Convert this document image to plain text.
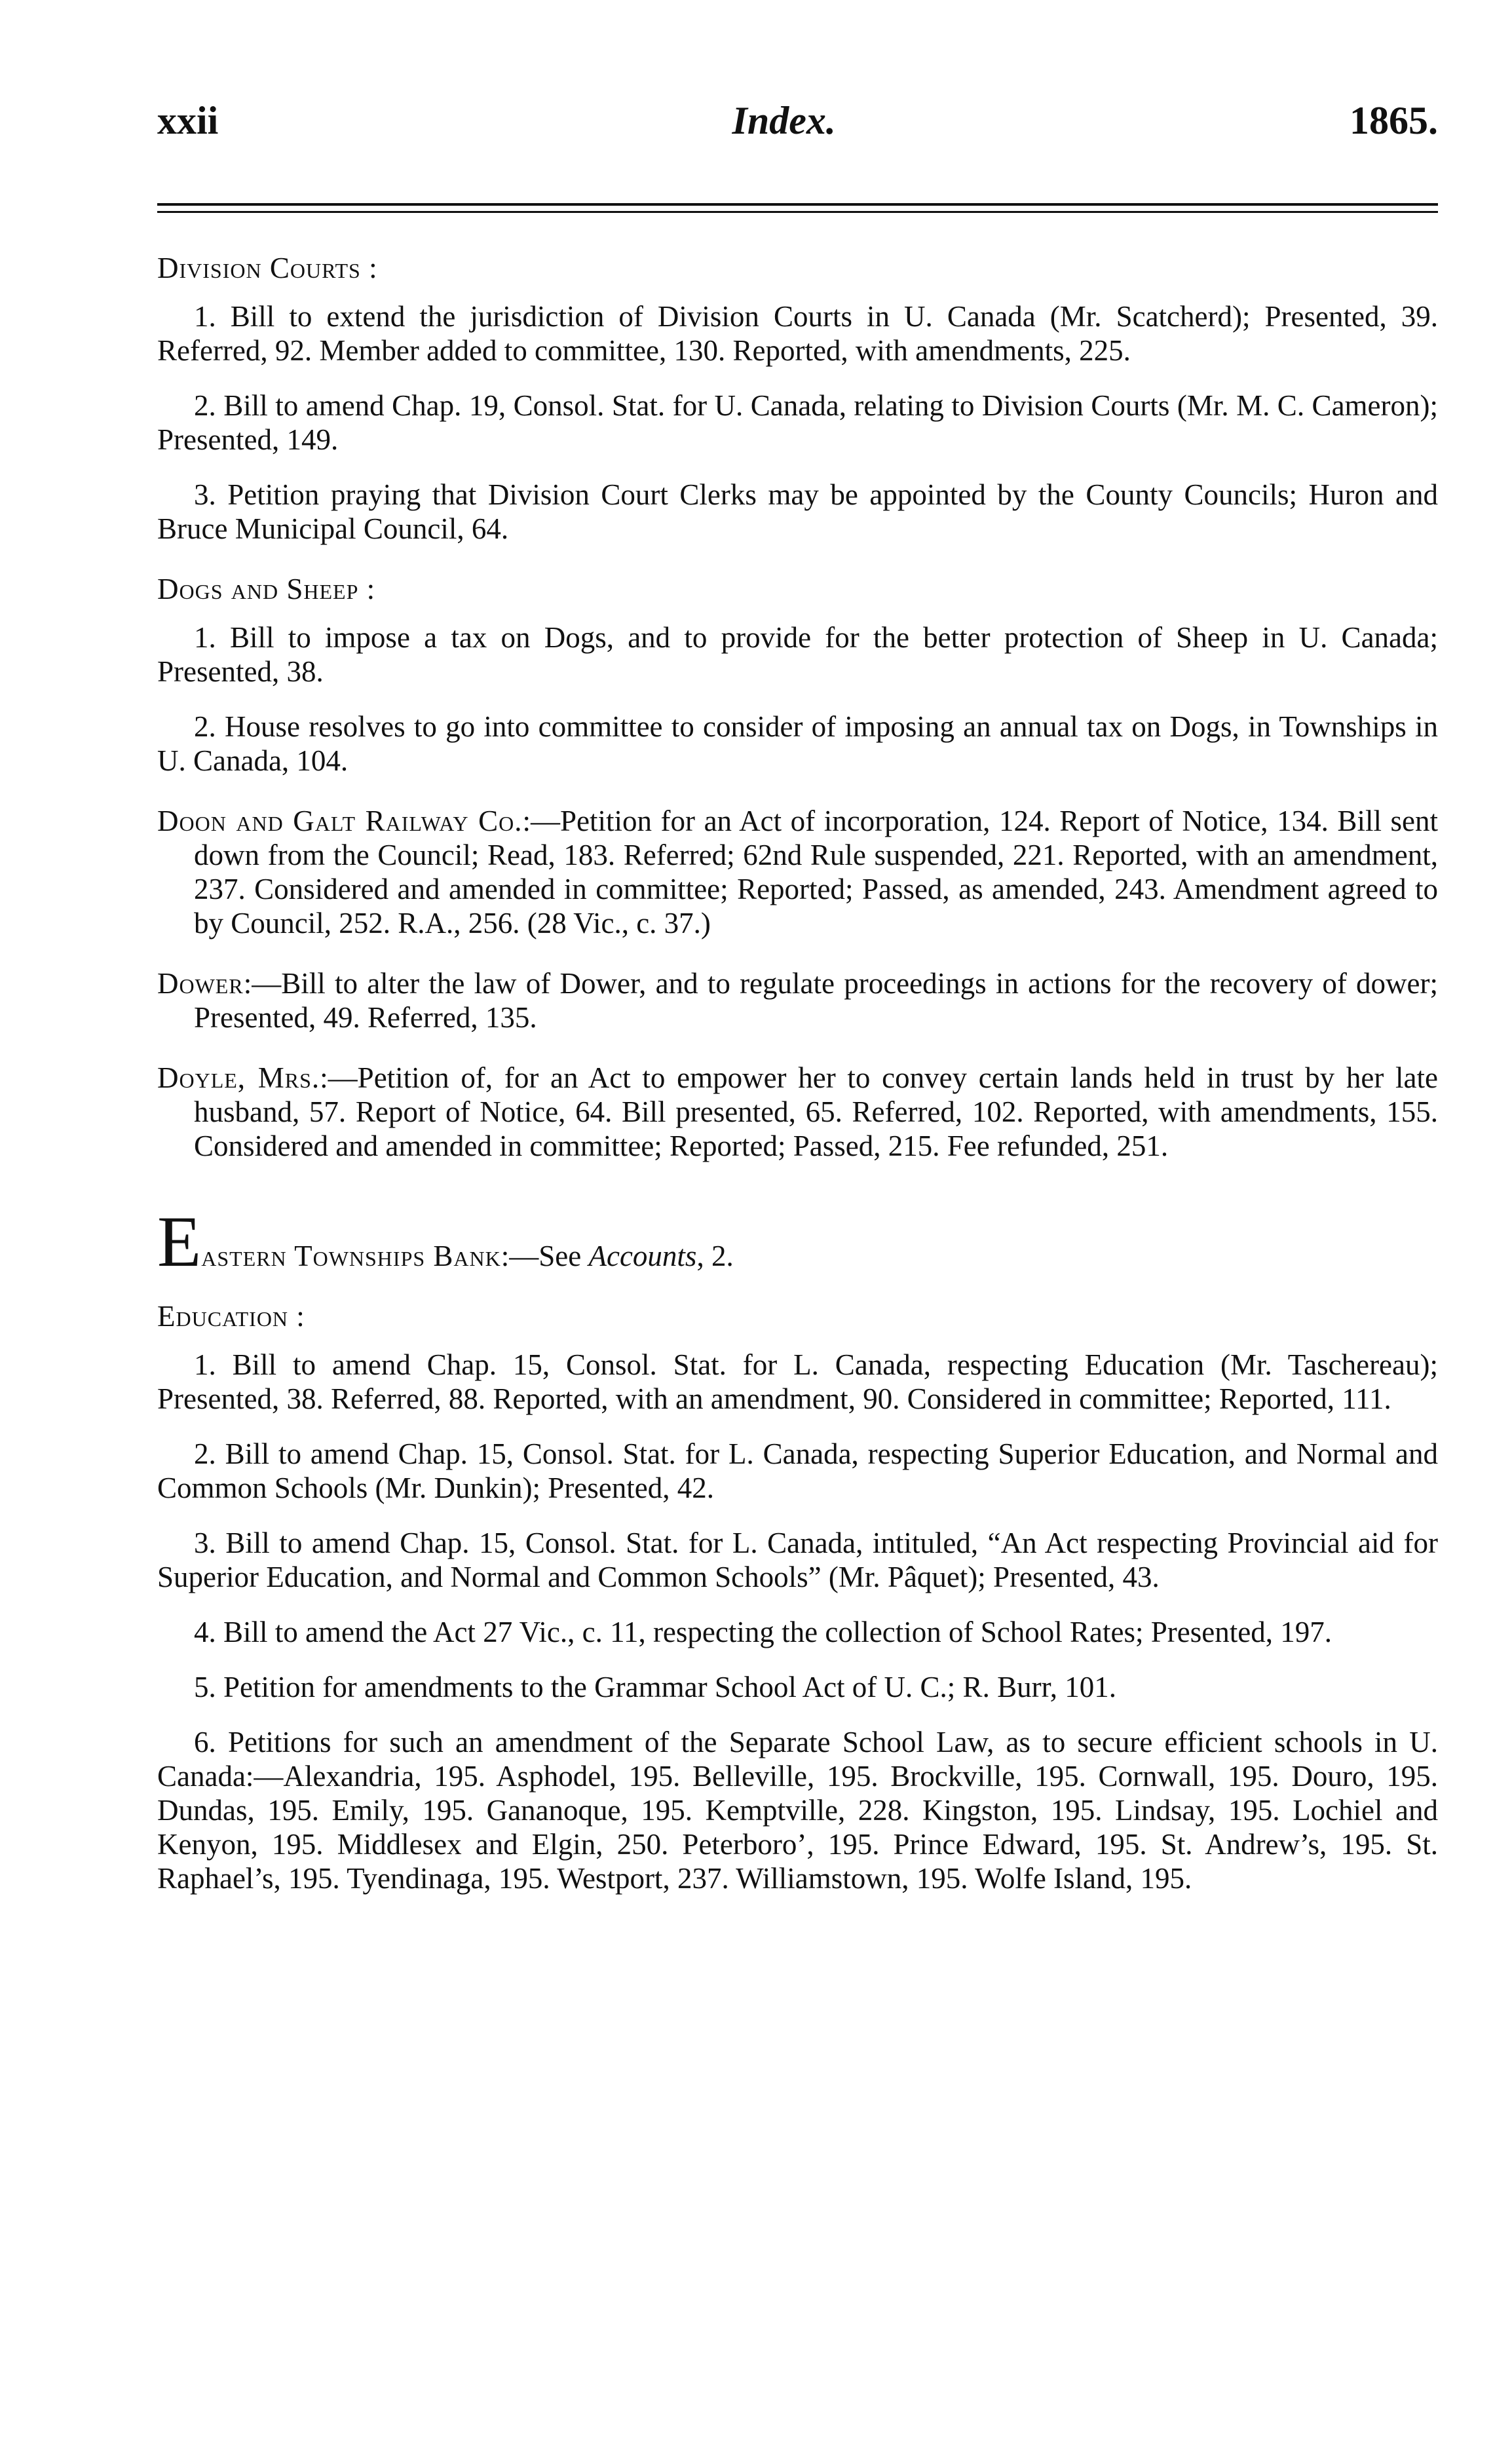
xxii	Index.	1865.
Division Courts :

1. Bill to extend the jurisdiction of Division Courts in U. Canada (Mr. Scatcherd); Presented, 39. Referred, 92. Member added to committee, 130. Reported, with amendments, 225.

2. Bill to amend Chap. 19, Consol. Stat. for U. Canada, relating to Division Courts (Mr. M. C. Cameron); Presented, 149.

3. Petition praying that Division Court Clerks may be appointed by the County Councils; Huron and Bruce Municipal Council, 64.

Dogs and Sheep :

1. Bill to impose a tax on Dogs, and to provide for the better protection of Sheep in U. Canada; Presented, 38.

2. House resolves to go into committee to consider of imposing an annual tax on Dogs, in Townships in U. Canada, 104.

Doon and Galt Railway Co.:—Petition for an Act of incorporation, 124. Report of Notice, 134. Bill sent down from the Council; Read, 183. Referred; 62nd Rule suspended, 221. Reported, with an amendment, 237. Considered and amended in committee; Reported; Passed, as amended, 243. Amendment agreed to by Council, 252. R.A., 256. (28 Vic., c. 37.)

Dower:—Bill to alter the law of Dower, and to regulate proceedings in actions for the recovery of dower; Presented, 49. Referred, 135.

Doyle, Mrs.:—Petition of, for an Act to empower her to convey certain lands held in trust by her late husband, 57. Report of Notice, 64. Bill presented, 65. Referred, 102. Reported, with amendments, 155. Considered and amended in committee; Reported; Passed, 215. Fee refunded, 251.

Eastern Townships Bank:—See Accounts, 2.
Education :

1. Bill to amend Chap. 15, Consol. Stat. for L. Canada, respecting Education (Mr. Taschereau); Presented, 38. Referred, 88. Reported, with an amendment, 90. Considered in committee; Reported, 111.

2. Bill to amend Chap. 15, Consol. Stat. for L. Canada, respecting Superior Education, and Normal and Common Schools (Mr. Dunkin); Presented, 42.

3. Bill to amend Chap. 15, Consol. Stat. for L. Canada, intituled, “An Act respecting Provincial aid for Superior Education, and Normal and Common Schools” (Mr. Pâquet); Presented, 43.

4. Bill to amend the Act 27 Vic., c. 11, respecting the collection of School Rates; Presented, 197.

5. Petition for amendments to the Grammar School Act of U. C.; R. Burr, 101.

6. Petitions for such an amendment of the Separate School Law, as to secure efficient schools in U. Canada:—Alexandria, 195. Asphodel, 195. Belleville, 195. Brockville, 195. Cornwall, 195. Douro, 195. Dundas, 195. Emily, 195. Gananoque, 195. Kemptville, 228. Kingston, 195. Lindsay, 195. Lochiel and Kenyon, 195. Middlesex and Elgin, 250. Peterboro’, 195. Prince Edward, 195. St. Andrew’s, 195. St. Raphael’s, 195. Tyendinaga, 195. Westport, 237. Williamstown, 195. Wolfe Island, 195.
